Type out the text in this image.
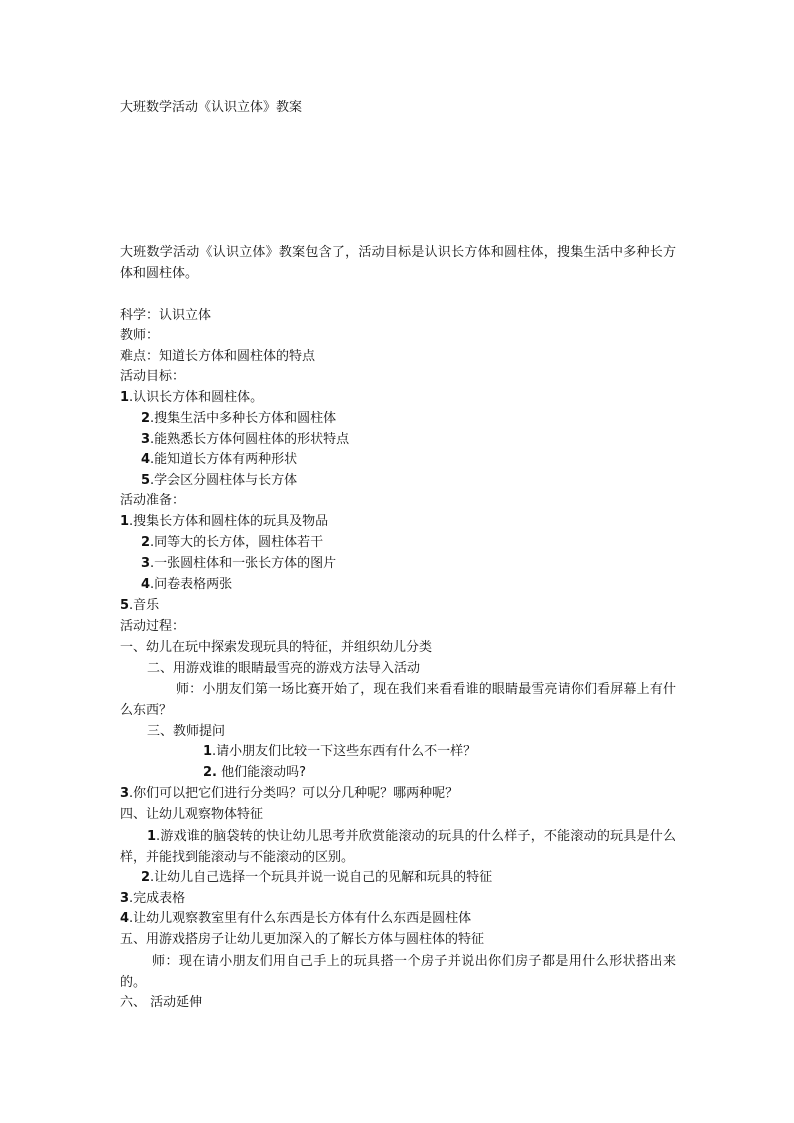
大班数学活动《认识立体》教案
大班数学活动《认识立体》教案包含了，活动目标是认识长方体和圆柱体，搜集生活中多种长方体和圆柱体。
科学：认识立体
教师：
难点：知道长方体和圆柱体的特点
活动目标：
1.认识长方体和圆柱体。
2.搜集生活中多种长方体和圆柱体
3.能熟悉长方体何圆柱体的形状特点
4.能知道长方体有两种形状
5.学会区分圆柱体与长方体
活动准备：
1.搜集长方体和圆柱体的玩具及物品
2.同等大的长方体，圆柱体若干
3.一张圆柱体和一张长方体的图片
4.问卷表格两张
5.音乐
活动过程：
一、幼儿在玩中探索发现玩具的特征，并组织幼儿分类
二、用游戏谁的眼睛最雪亮的游戏方法导入活动
师：小朋友们第一场比赛开始了，现在我们来看看谁的眼睛最雪亮请你们看屏幕上有什么东西？
三、教师提问
1.请小朋友们比较一下这些东西有什么不一样？
2. 他们能滚动吗?
3.你们可以把它们进行分类吗？可以分几种呢？哪两种呢？
四、让幼儿观察物体特征
1.游戏谁的脑袋转的快让幼儿思考并欣赏能滚动的玩具的什么样子，不能滚动的玩具是什么样，并能找到能滚动与不能滚动的区别。
2.让幼儿自己选择一个玩具并说一说自己的见解和玩具的特征
3.完成表格
4.让幼儿观察教室里有什么东西是长方体有什么东西是圆柱体
五、用游戏搭房子让幼儿更加深入的了解长方体与圆柱体的特征
师：现在请小朋友们用自己手上的玩具搭一个房子并说出你们房子都是用什么形状搭出来的。
六、 活动延伸
